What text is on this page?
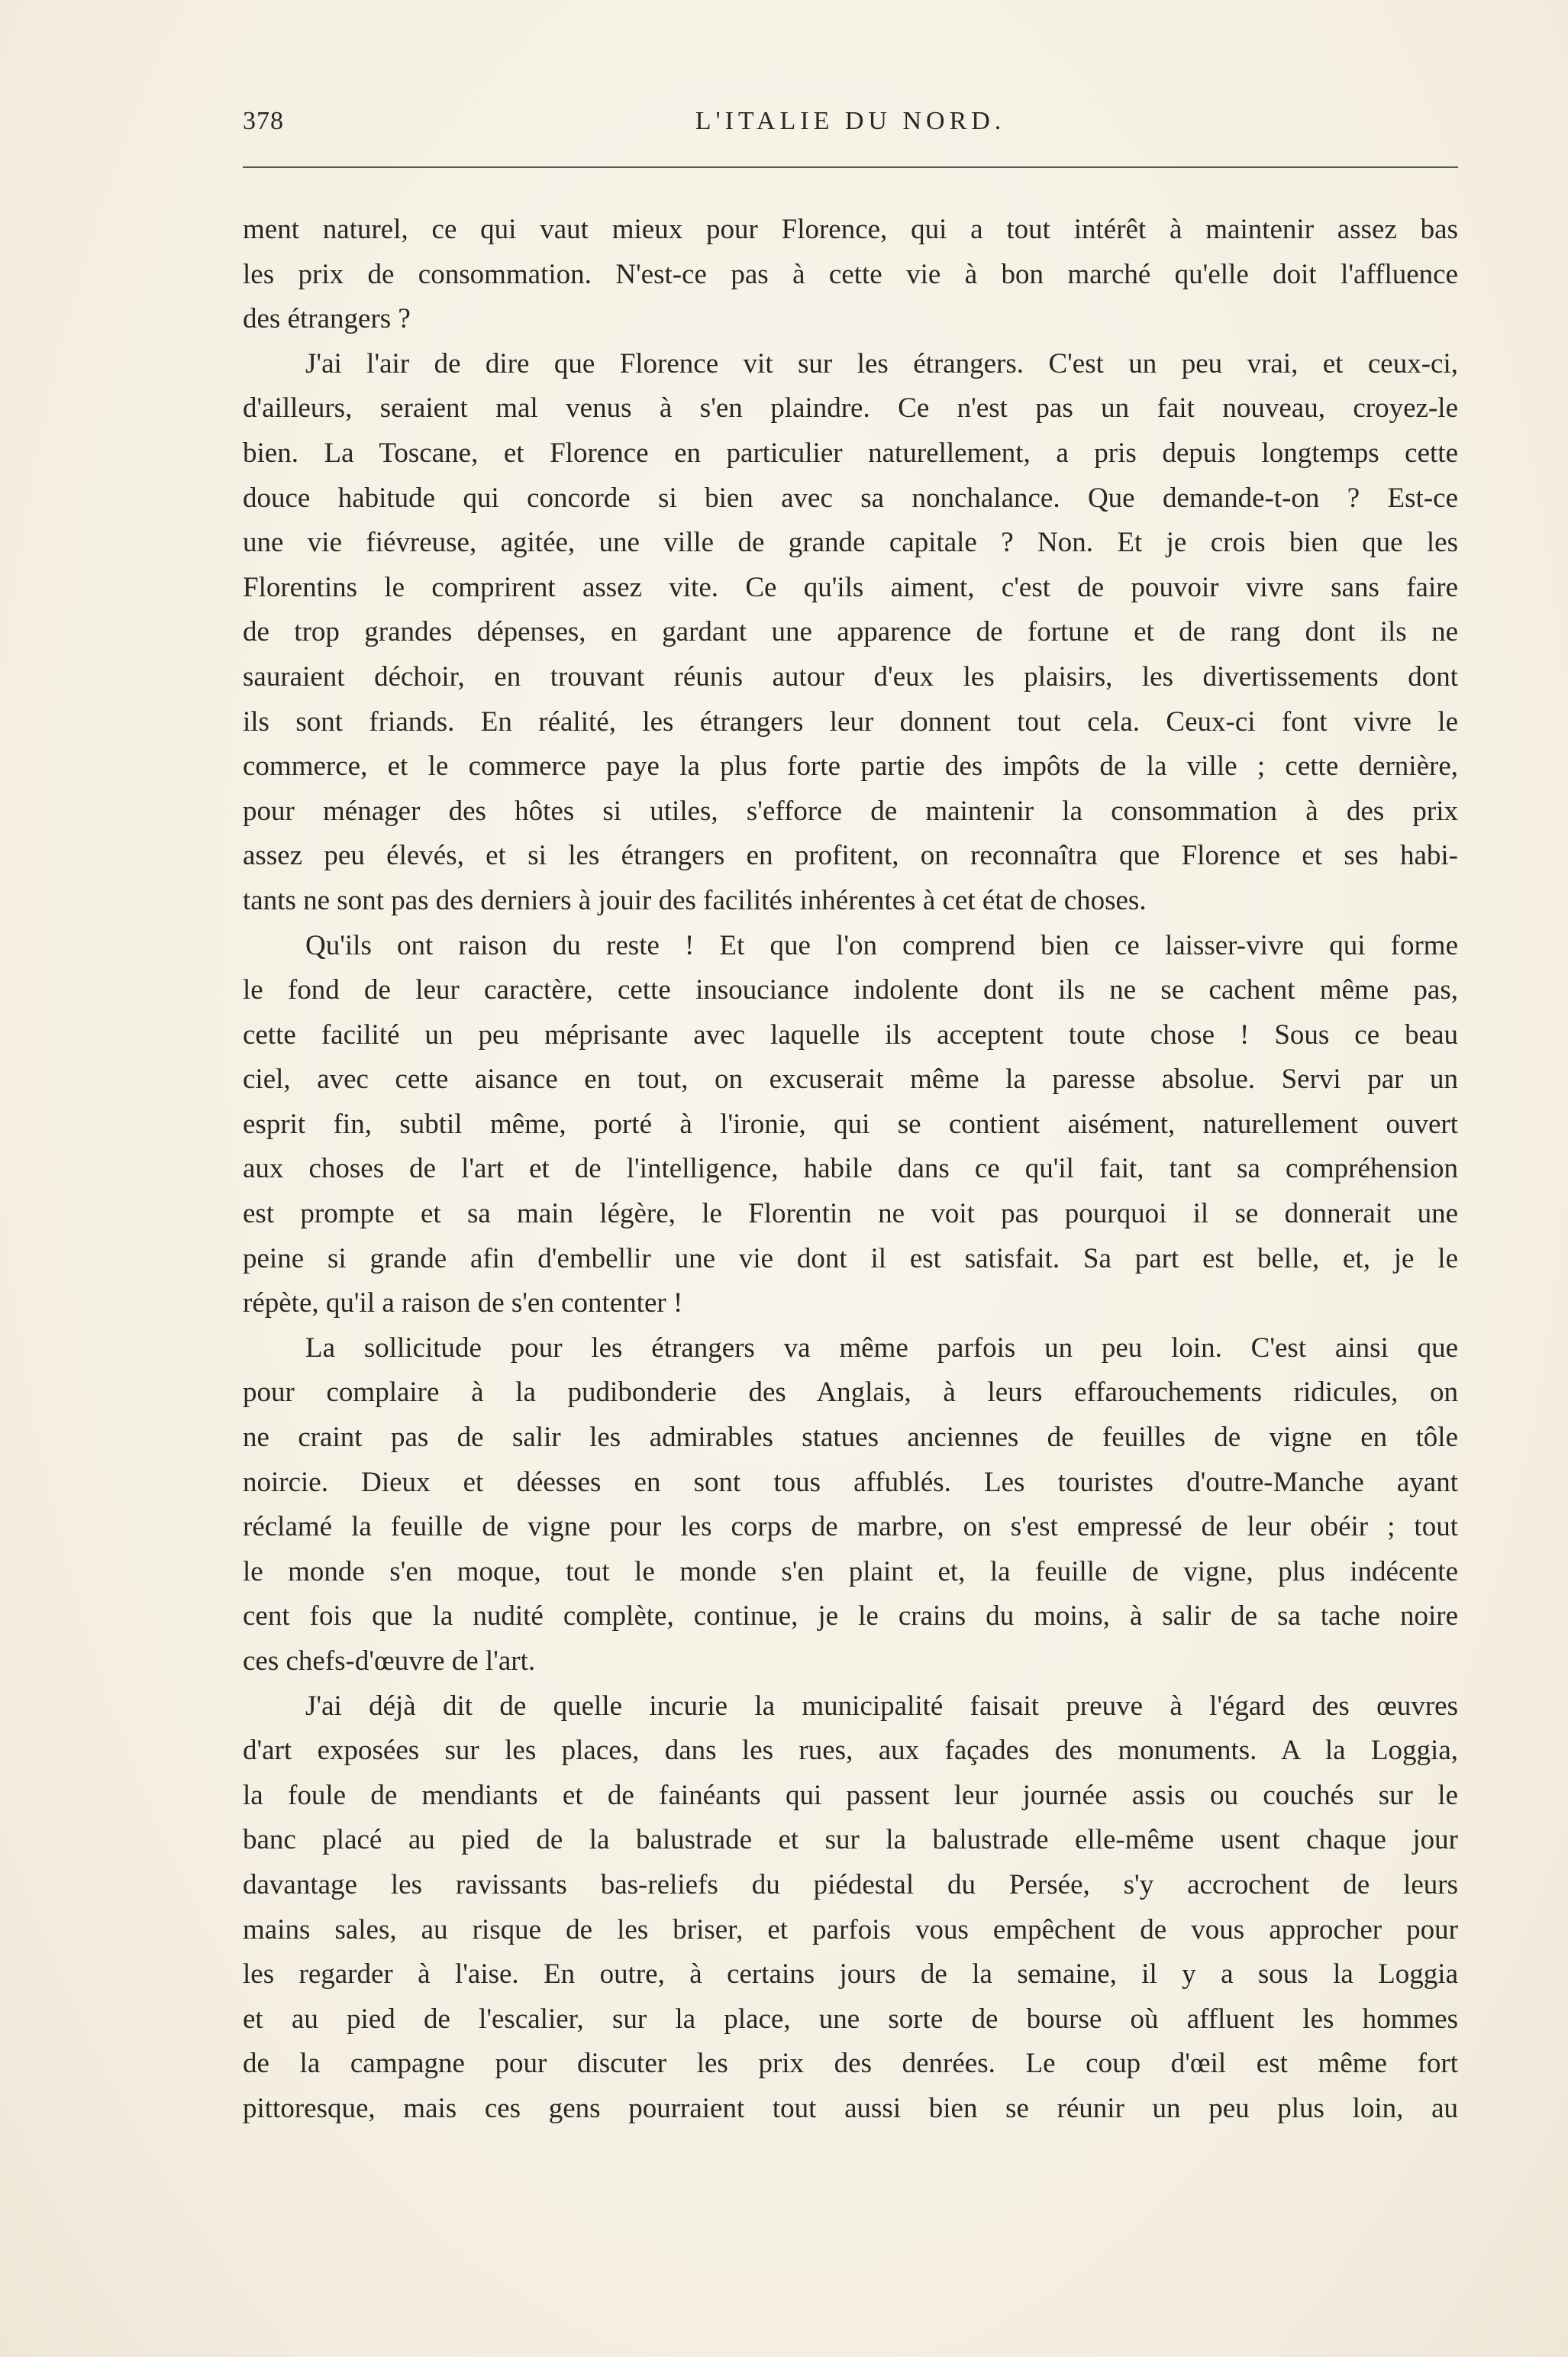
378	L'ITALIE DU NORD.
ment naturel, ce qui vaut mieux pour Florence, qui a tout intérêt à maintenir assez bas
les prix de consommation. N'est-ce pas à cette vie à bon marché qu'elle doit l'affluence
des étrangers ?
J'ai l'air de dire que Florence vit sur les étrangers. C'est un peu vrai, et ceux-ci,
d'ailleurs, seraient mal venus à s'en plaindre. Ce n'est pas un fait nouveau, croyez-le
bien. La Toscane, et Florence en particulier naturellement, a pris depuis longtemps cette
douce habitude qui concorde si bien avec sa nonchalance. Que demande-t-on ? Est-ce
une vie fiévreuse, agitée, une ville de grande capitale ? Non. Et je crois bien que les
Florentins le comprirent assez vite. Ce qu'ils aiment, c'est de pouvoir vivre sans faire
de trop grandes dépenses, en gardant une apparence de fortune et de rang dont ils ne
sauraient déchoir, en trouvant réunis autour d'eux les plaisirs, les divertissements dont
ils sont friands. En réalité, les étrangers leur donnent tout cela. Ceux-ci font vivre le
commerce, et le commerce paye la plus forte partie des impôts de la ville ; cette dernière,
pour ménager des hôtes si utiles, s'efforce de maintenir la consommation à des prix
assez peu élevés, et si les étrangers en profitent, on reconnaîtra que Florence et ses habi-
tants ne sont pas des derniers à jouir des facilités inhérentes à cet état de choses.
Qu'ils ont raison du reste ! Et que l'on comprend bien ce laisser-vivre qui forme
le fond de leur caractère, cette insouciance indolente dont ils ne se cachent même pas,
cette facilité un peu méprisante avec laquelle ils acceptent toute chose ! Sous ce beau
ciel, avec cette aisance en tout, on excuserait même la paresse absolue. Servi par un
esprit fin, subtil même, porté à l'ironie, qui se contient aisément, naturellement ouvert
aux choses de l'art et de l'intelligence, habile dans ce qu'il fait, tant sa compréhension
est prompte et sa main légère, le Florentin ne voit pas pourquoi il se donnerait une
peine si grande afin d'embellir une vie dont il est satisfait. Sa part est belle, et, je le
répète, qu'il a raison de s'en contenter !
La sollicitude pour les étrangers va même parfois un peu loin. C'est ainsi que
pour complaire à la pudibonderie des Anglais, à leurs effarouchements ridicules, on
ne craint pas de salir les admirables statues anciennes de feuilles de vigne en tôle
noircie. Dieux et déesses en sont tous affublés. Les touristes d'outre-Manche ayant
réclamé la feuille de vigne pour les corps de marbre, on s'est empressé de leur obéir ; tout
le monde s'en moque, tout le monde s'en plaint et, la feuille de vigne, plus indécente
cent fois que la nudité complète, continue, je le crains du moins, à salir de sa tache noire
ces chefs-d'œuvre de l'art.
J'ai déjà dit de quelle incurie la municipalité faisait preuve à l'égard des œuvres
d'art exposées sur les places, dans les rues, aux façades des monuments. A la Loggia,
la foule de mendiants et de fainéants qui passent leur journée assis ou couchés sur le
banc placé au pied de la balustrade et sur la balustrade elle-même usent chaque jour
davantage les ravissants bas-reliefs du piédestal du Persée, s'y accrochent de leurs
mains sales, au risque de les briser, et parfois vous empêchent de vous approcher pour
les regarder à l'aise. En outre, à certains jours de la semaine, il y a sous la Loggia
et au pied de l'escalier, sur la place, une sorte de bourse où affluent les hommes
de la campagne pour discuter les prix des denrées. Le coup d'œil est même fort
pittoresque, mais ces gens pourraient tout aussi bien se réunir un peu plus loin, au
